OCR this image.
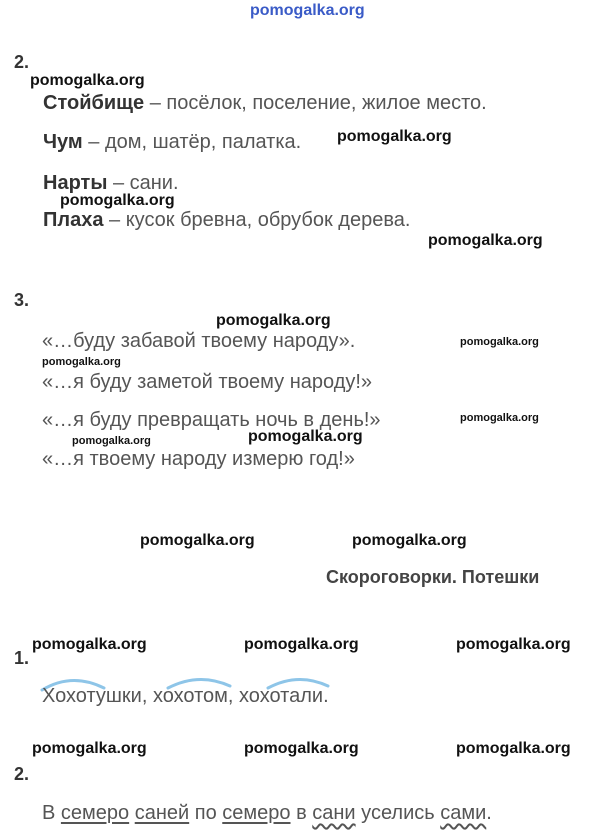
pomogalka.org
2.
pomogalka.org
Стойбище – посёлок, поселение, жилое место.
Чум – дом, шатёр, палатка. pomogalka.org
Нарты – сани.
pomogalka.org
Плаха – кусок бревна, обрубок дерева.
pomogalka.org
3.
pomogalka.org
«…буду забавой твоему народу».	pomogalka.org
pomogalka.org
«…я буду заметой твоему народу!»
«…я буду превращать ночь в день!»	pomogalka.org
pomogalka.org
pomogalka.org
«…я твоему народу измерю год!»
pomogalka.org	pomogalka.org
Скороговорки. Потешки
pomogalka.org	pomogalka.org	pomogalka.org
1.
Хохотушки, хохотом, хохотали.
pomogalka.org	pomogalka.org	pomogalka.org
2.
В семеро саней по семеро в сани уселись сами.
